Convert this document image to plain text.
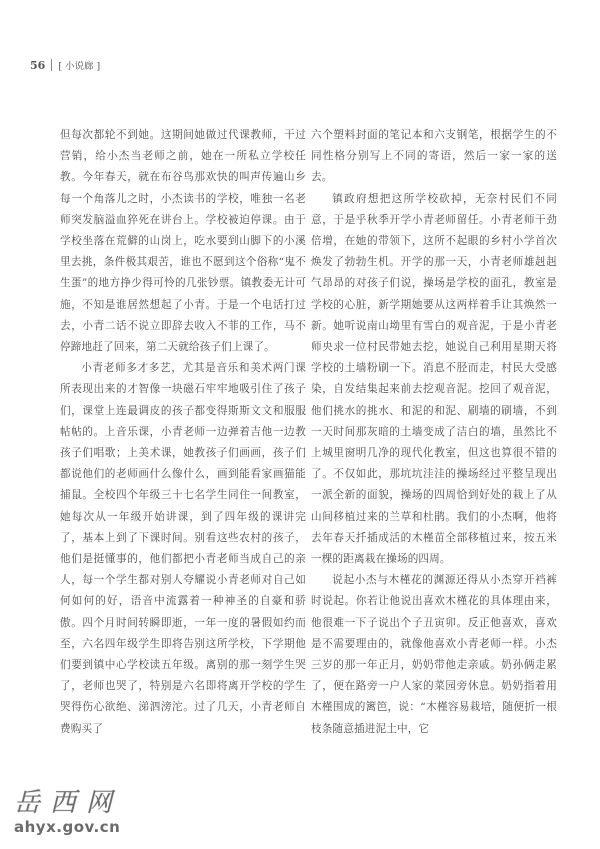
56 [ 小说廊 ]

但每次都轮不到她。这期间她做过代课教师，干过营销，给小杰当老师之前，她在一所私立学校任教。今年春天，就在布谷鸟那欢快的叫声传遍山乡每一个角落儿之时，小杰读书的学校，唯独一名老师突发脑溢血猝死在讲台上。学校被迫停课。由于学校坐落在荒僻的山岗上，吃水要到山脚下的小溪里去挑，条件极其艰苦，谁也不愿到这个俗称“鬼不生蛋”的地方挣少得可怜的几张钞票。镇教委无计可施，不知是谁居然想起了小青。于是一个电话打过去，小青二话不说立即辞去收入不菲的工作，马不停蹄地赶了回来，第二天就给孩子们上课了。

小青老师多才多艺，尤其是音乐和美术两门课所表现出来的才智像一块磁石牢牢地吸引住了孩子们，课堂上连最调皮的孩子都变得斯斯文文和服服帖帖的。上音乐课，小青老师一边弹着吉他一边教孩子们唱歌；上美术课，她教孩子们画画，孩子们都说他们的老师画什么像什么，画到能看家画猫能捕鼠。全校四个年级三十七名学生同住一间教室，她每次从一年级开始讲课，到了四年级的课讲完了，基本上到了下课时间。别看这些农村的孩子，他们是挺懂事的，他们都把小青老师当成自己的亲人，每一个学生都对别人夸耀说小青老师对自己如何如何的好，语音中流露着一种神圣的自豪和骄傲。四个月时间转瞬即逝，一年一度的暑假如约而至，六名四年级学生即将告别这所学校，下学期他们要到镇中心学校读五年级。离别的那一刻学生哭了，老师也哭了，特别是六名即将离开学校的学生哭得伤心欲绝、涕泗滂沱。过了几天，小青老师自费购买了

六个塑料封面的笔记本和六支钢笔，根据学生的不同性格分别写上不同的寄语，然后一家一家的送去。

镇政府想把这所学校砍掉，无奈村民们不同意，于是乎秋季开学小青老师留任。小青老师干劲倍增，在她的带领下，这所不起眼的乡村小学首次焕发了勃勃生机。开学的那一天，小青老师雄赳赳气昂昂的对孩子们说，操场是学校的面孔，教室是学校的心脏，新学期她要从这两样着手让其焕然一新。她听说南山坳里有雪白的观音泥，于是小青老师央求一位村民带她去挖，她说自己利用星期天将学校的土墙粉刷一下。消息不胫而走，村民大受感染，自发结集起来前去挖观音泥。挖回了观音泥，他们挑水的挑水、和泥的和泥、刷墙的刷墙，不到一天时间那灰暗的土墙变成了洁白的墙，虽然比不上城里窗明几净的现代化教室，但这也算很不错的了。不仅如此，那坑坑洼洼的操场经过平整呈现出一派全新的面貌，操场的四周恰到好处的栽上了从山间移植过来的兰草和杜鹃。我们的小杰啊，他将去年春天扦插成活的木槿苗全部移植过来，按五米一棵的距离栽在操场的四周。

说起小杰与木槿花的渊源还得从小杰穿开裆裤时说起。你若让他说出喜欢木槿花的具体理由来，他很难一下子说出个子丑寅卯。反正他喜欢，喜欢是不需要理由的，就像他喜欢小青老师一样。小杰三岁的那一年正月，奶奶带他走亲戚。奶孙俩走累了，便在路旁一户人家的菜园旁休息。奶奶指着用木槿围成的篱笆，说：“木槿容易栽培，随便折一根枝条随意插进泥土中，它

岳西网
ahyx.gov.cn
